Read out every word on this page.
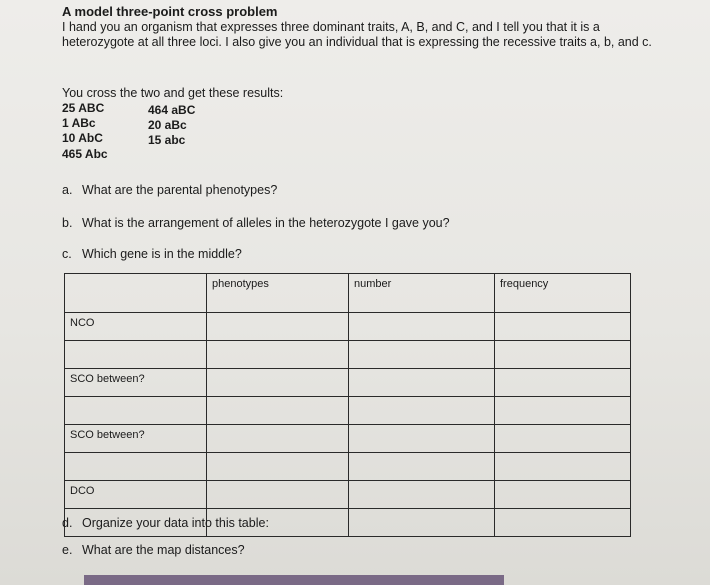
A model three-point cross problem
I hand you an organism that expresses three dominant traits, A, B, and C, and I tell you that it is a heterozygote at all three loci. I also give you an individual that is expressing the recessive traits a, b, and c.
You cross the two and get these results:
25 ABC
1 ABc
10 AbC
465 Abc
464 aBC
20 aBc
15 abc
a. What are the parental phenotypes?
b. What is the arrangement of alleles in the heterozygote I gave you?
c. Which gene is in the middle?
	phenotypes	number	frequency
NCO			

SCO between?			

SCO between?			

DCO			

d. Organize your data into this table:
e. What are the map distances?
